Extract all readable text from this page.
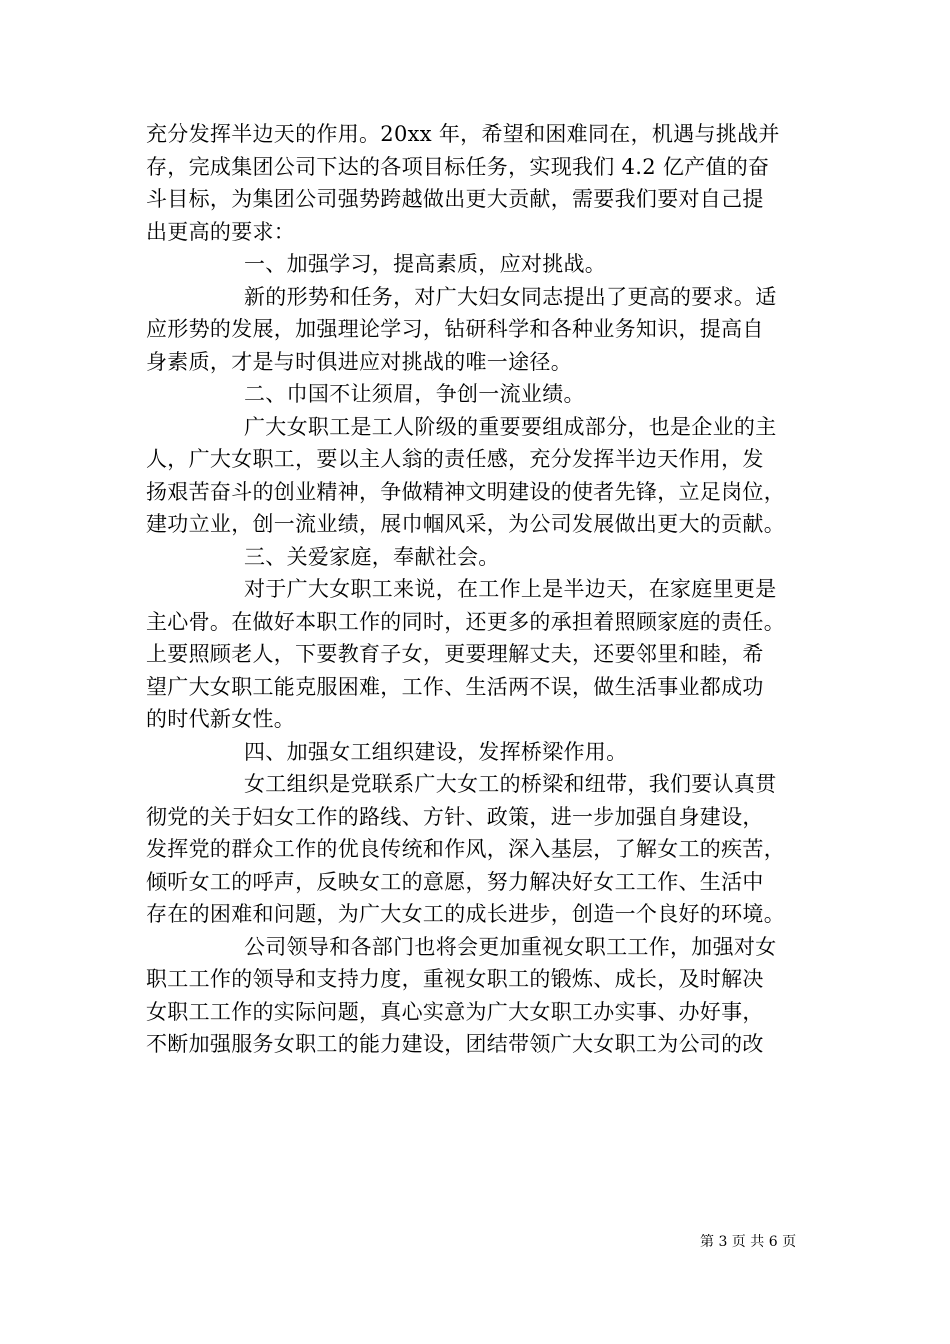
充分发挥半边天的作用。20xx 年，希望和困难同在，机遇与挑战并
存，完成集团公司下达的各项目标任务，实现我们 4.2 亿产值的奋
斗目标，为集团公司强势跨越做出更大贡献，需要我们要对自己提
出更高的要求：
一、加强学习，提高素质，应对挑战。
新的形势和任务，对广大妇女同志提出了更高的要求。适
应形势的发展，加强理论学习，钻研科学和各种业务知识，提高自
身素质，才是与时俱进应对挑战的唯一途径。
二、巾国不让须眉，争创一流业绩。
广大女职工是工人阶级的重要要组成部分，也是企业的主
人，广大女职工，要以主人翁的责任感，充分发挥半边天作用，发
扬艰苦奋斗的创业精神，争做精神文明建设的使者先锋，立足岗位，
建功立业，创一流业绩，展巾帼风采，为公司发展做出更大的贡献。
三、关爱家庭，奉献社会。
对于广大女职工来说，在工作上是半边天，在家庭里更是
主心骨。在做好本职工作的同时，还更多的承担着照顾家庭的责任。
上要照顾老人，下要教育子女，更要理解丈夫，还要邻里和睦，希
望广大女职工能克服困难，工作、生活两不误，做生活事业都成功
的时代新女性。
四、加强女工组织建设，发挥桥梁作用。
女工组织是党联系广大女工的桥梁和纽带，我们要认真贯
彻党的关于妇女工作的路线、方针、政策，进一步加强自身建设，
发挥党的群众工作的优良传统和作风，深入基层，了解女工的疾苦，
倾听女工的呼声，反映女工的意愿，努力解决好女工工作、生活中
存在的困难和问题，为广大女工的成长进步，创造一个良好的环境。
公司领导和各部门也将会更加重视女职工工作，加强对女
职工工作的领导和支持力度，重视女职工的锻炼、成长，及时解决
女职工工作的实际问题，真心实意为广大女职工办实事、办好事，
不断加强服务女职工的能力建设，团结带领广大女职工为公司的改
第 3 页 共 6 页
